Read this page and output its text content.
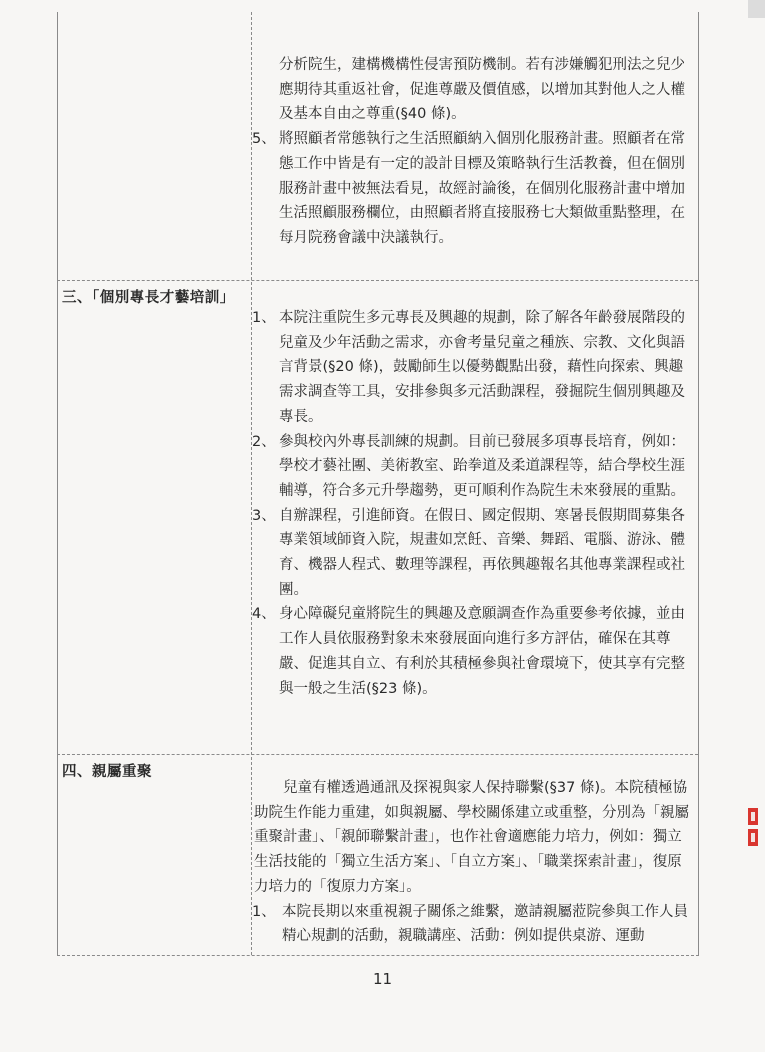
分析院生，建構機構性侵害預防機制。若有涉嫌觸犯刑法之兒少應期待其重返社會，促進尊嚴及價值感，以增加其對他人之人權及基本自由之尊重(§40 條)。
5、 將照顧者常態執行之生活照顧納入個別化服務計畫。照顧者在常態工作中皆是有一定的設計目標及策略執行生活教養，但在個別服務計畫中被無法看見，故經討論後，在個別化服務計畫中增加生活照顧服務欄位，由照顧者將直接服務七大類做重點整理，在每月院務會議中決議執行。
三、「個別專長才藝培訓」
1、 本院注重院生多元專長及興趣的規劃，除了解各年齡發展階段的兒童及少年活動之需求，亦會考量兒童之種族、宗教、文化與語言背景(§20 條)，鼓勵師生以優勢觀點出發，藉性向探索、興趣需求調查等工具，安排參與多元活動課程，發掘院生個別興趣及專長。
2、 參與校內外專長訓練的規劃。目前已發展多項專長培育，例如：學校才藝社團、美術教室、跆拳道及柔道課程等，結合學校生涯輔導，符合多元升學趨勢，更可順利作為院生未來發展的重點。
3、 自辦課程，引進師資。在假日、國定假期、寒暑長假期間募集各專業領域師資入院，規畫如烹飪、音樂、舞蹈、電腦、游泳、體育、機器人程式、數理等課程，再依興趣報名其他專業課程或社團。
4、 身心障礙兒童將院生的興趣及意願調查作為重要參考依據，並由工作人員依服務對象未來發展面向進行多方評估，確保在其尊嚴、促進其自立、有利於其積極參與社會環境下，使其享有完整與一般之生活(§23 條)。
四、親屬重聚
兒童有權透過通訊及探視與家人保持聯繫(§37 條)。本院積極協助院生作能力重建，如與親屬、學校關係建立或重整，分別為「親屬重聚計畫」、「親師聯繫計畫」，也作社會適應能力培力，例如：獨立生活技能的「獨立生活方案」、「自立方案」、「職業探索計畫」，復原力培力的「復原力方案」。
1、 本院長期以來重視親子關係之維繫，邀請親屬蒞院參與工作人員精心規劃的活動，親職講座、活動：例如提供桌游、運動
11
